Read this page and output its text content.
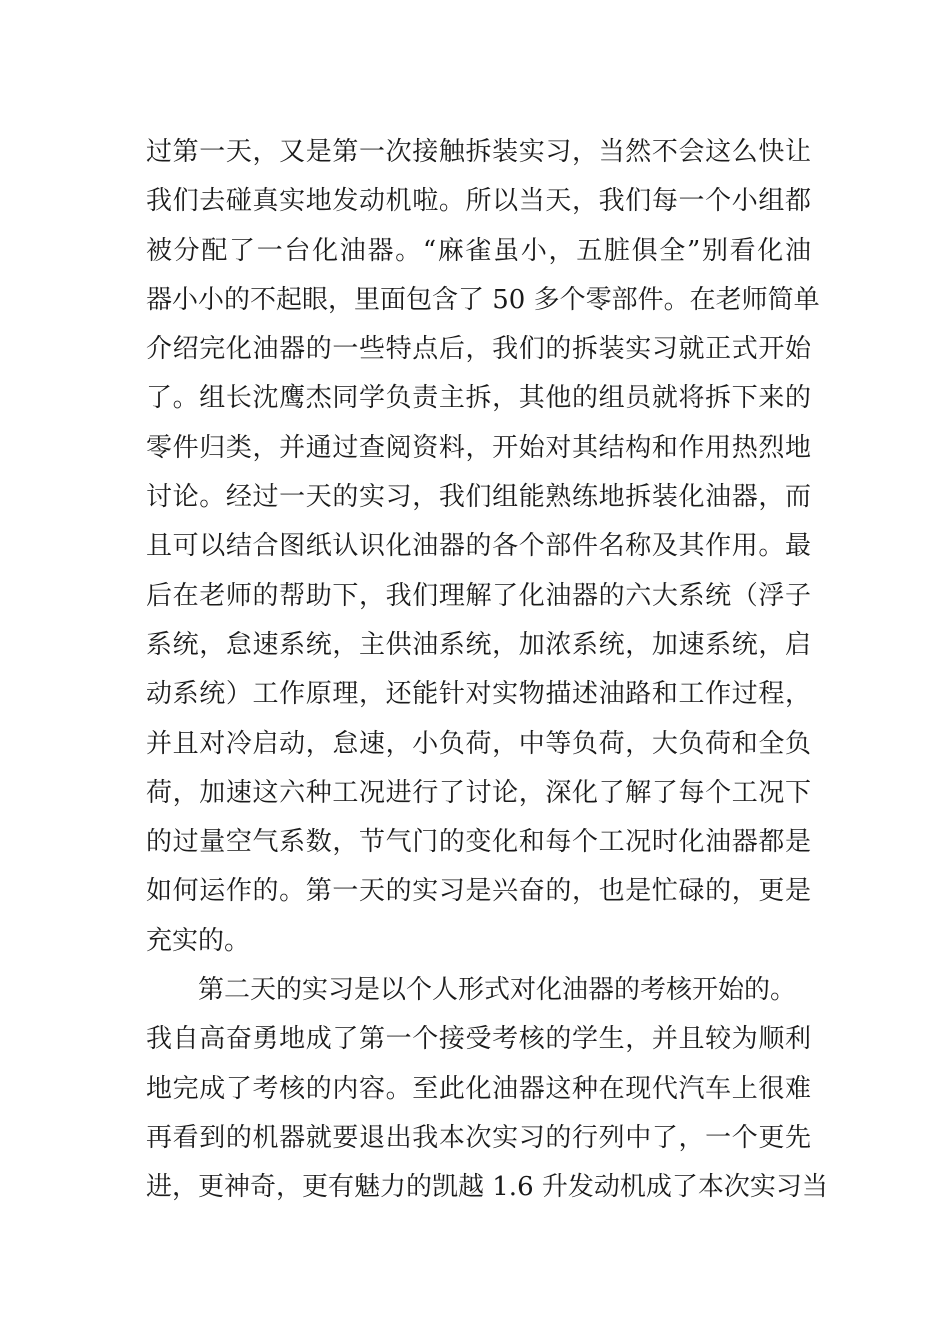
过第一天，又是第一次接触拆装实习，当然不会这么快让
我们去碰真实地发动机啦。所以当天，我们每一个小组都
被分配了一台化油器。“麻雀虽小，五脏俱全”别看化油
器小小的不起眼，里面包含了 50 多个零部件。在老师简单
介绍完化油器的一些特点后，我们的拆装实习就正式开始
了。组长沈鹰杰同学负责主拆，其他的组员就将拆下来的
零件归类，并通过查阅资料，开始对其结构和作用热烈地
讨论。经过一天的实习，我们组能熟练地拆装化油器，而
且可以结合图纸认识化油器的各个部件名称及其作用。最
后在老师的帮助下，我们理解了化油器的六大系统（浮子
系统，怠速系统，主供油系统，加浓系统，加速系统，启
动系统）工作原理，还能针对实物描述油路和工作过程，
并且对冷启动，怠速，小负荷，中等负荷，大负荷和全负
荷，加速这六种工况进行了讨论，深化了解了每个工况下
的过量空气系数，节气门的变化和每个工况时化油器都是
如何运作的。第一天的实习是兴奋的，也是忙碌的，更是
充实的。
第二天的实习是以个人形式对化油器的考核开始的。
我自高奋勇地成了第一个接受考核的学生，并且较为顺利
地完成了考核的内容。至此化油器这种在现代汽车上很难
再看到的机器就要退出我本次实习的行列中了，一个更先
进，更神奇，更有魅力的凯越 1.6 升发动机成了本次实习当
